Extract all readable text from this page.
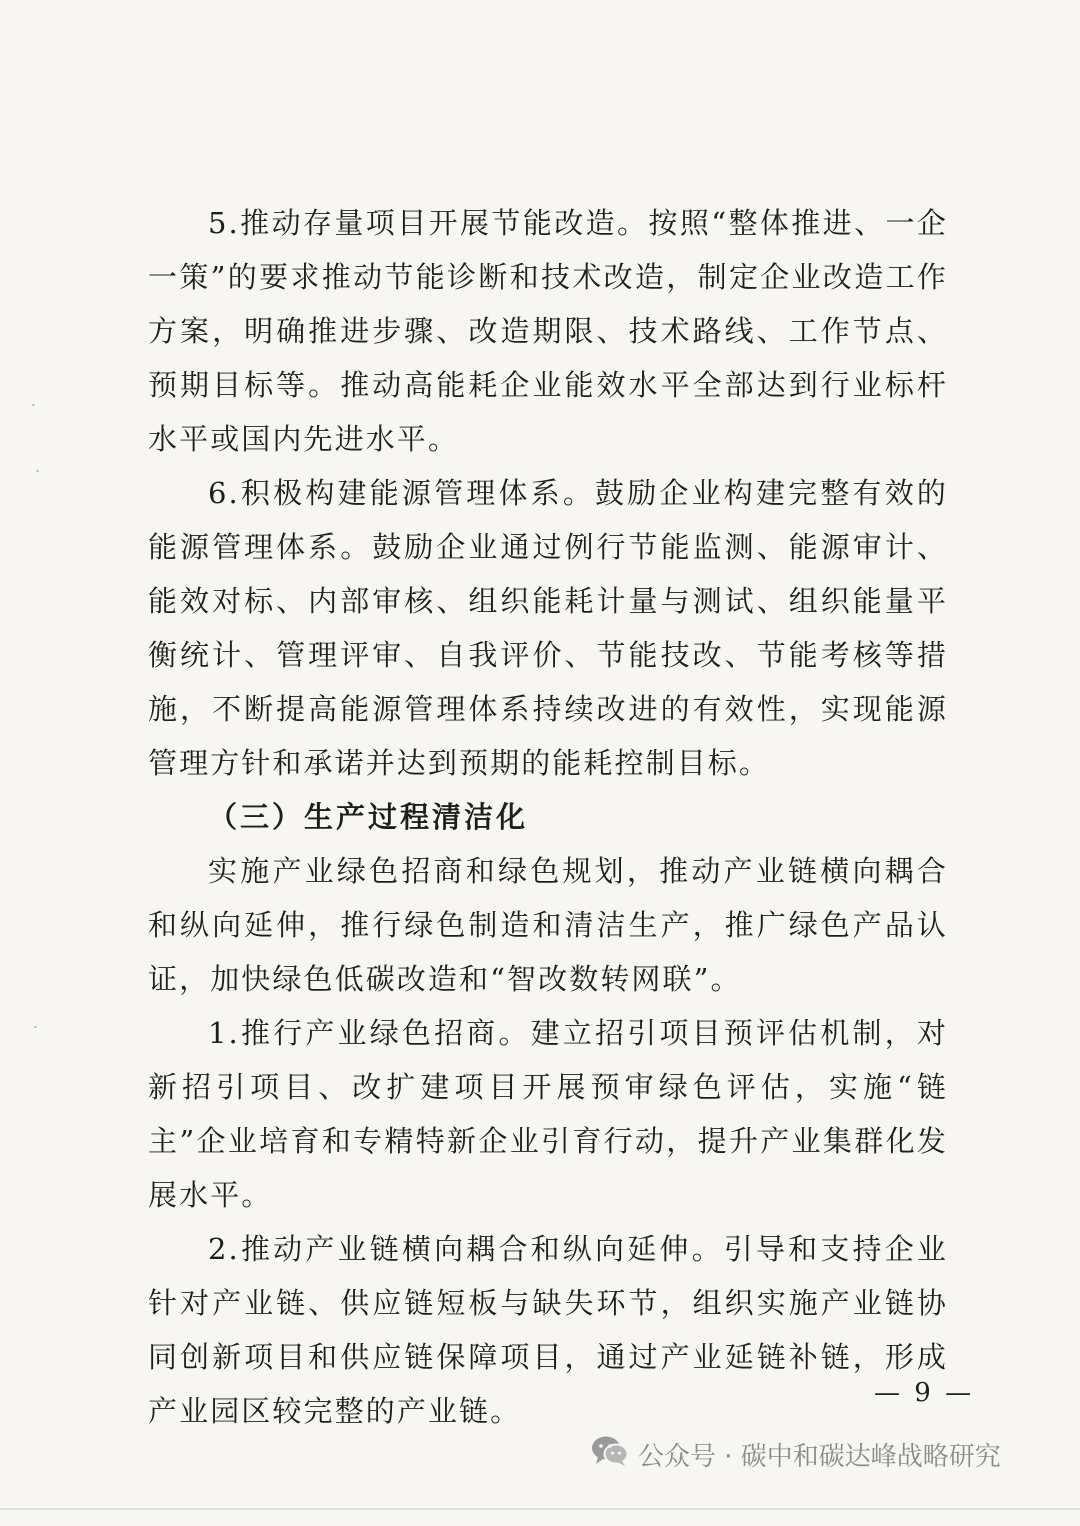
5.推动存量项目开展节能改造。按照“整体推进、一企一策”的要求推动节能诊断和技术改造，制定企业改造工作方案，明确推进步骤、改造期限、技术路线、工作节点、预期目标等。推动高能耗企业能效水平全部达到行业标杆水平或国内先进水平。

6.积极构建能源管理体系。鼓励企业构建完整有效的能源管理体系。鼓励企业通过例行节能监测、能源审计、能效对标、内部审核、组织能耗计量与测试、组织能量平衡统计、管理评审、自我评价、节能技改、节能考核等措施，不断提高能源管理体系持续改进的有效性，实现能源管理方针和承诺并达到预期的能耗控制目标。

（三）生产过程清洁化

实施产业绿色招商和绿色规划，推动产业链横向耦合和纵向延伸，推行绿色制造和清洁生产，推广绿色产品认证，加快绿色低碳改造和“智改数转网联”。

1.推行产业绿色招商。建立招引项目预评估机制，对新招引项目、改扩建项目开展预审绿色评估，实施“链主”企业培育和专精特新企业引育行动，提升产业集群化发展水平。

2.推动产业链横向耦合和纵向延伸。引导和支持企业针对产业链、供应链短板与缺失环节，组织实施产业链协同创新项目和供应链保障项目，通过产业延链补链，形成产业园区较完整的产业链。

— 9 —
公众号 · 碳中和碳达峰战略研究
